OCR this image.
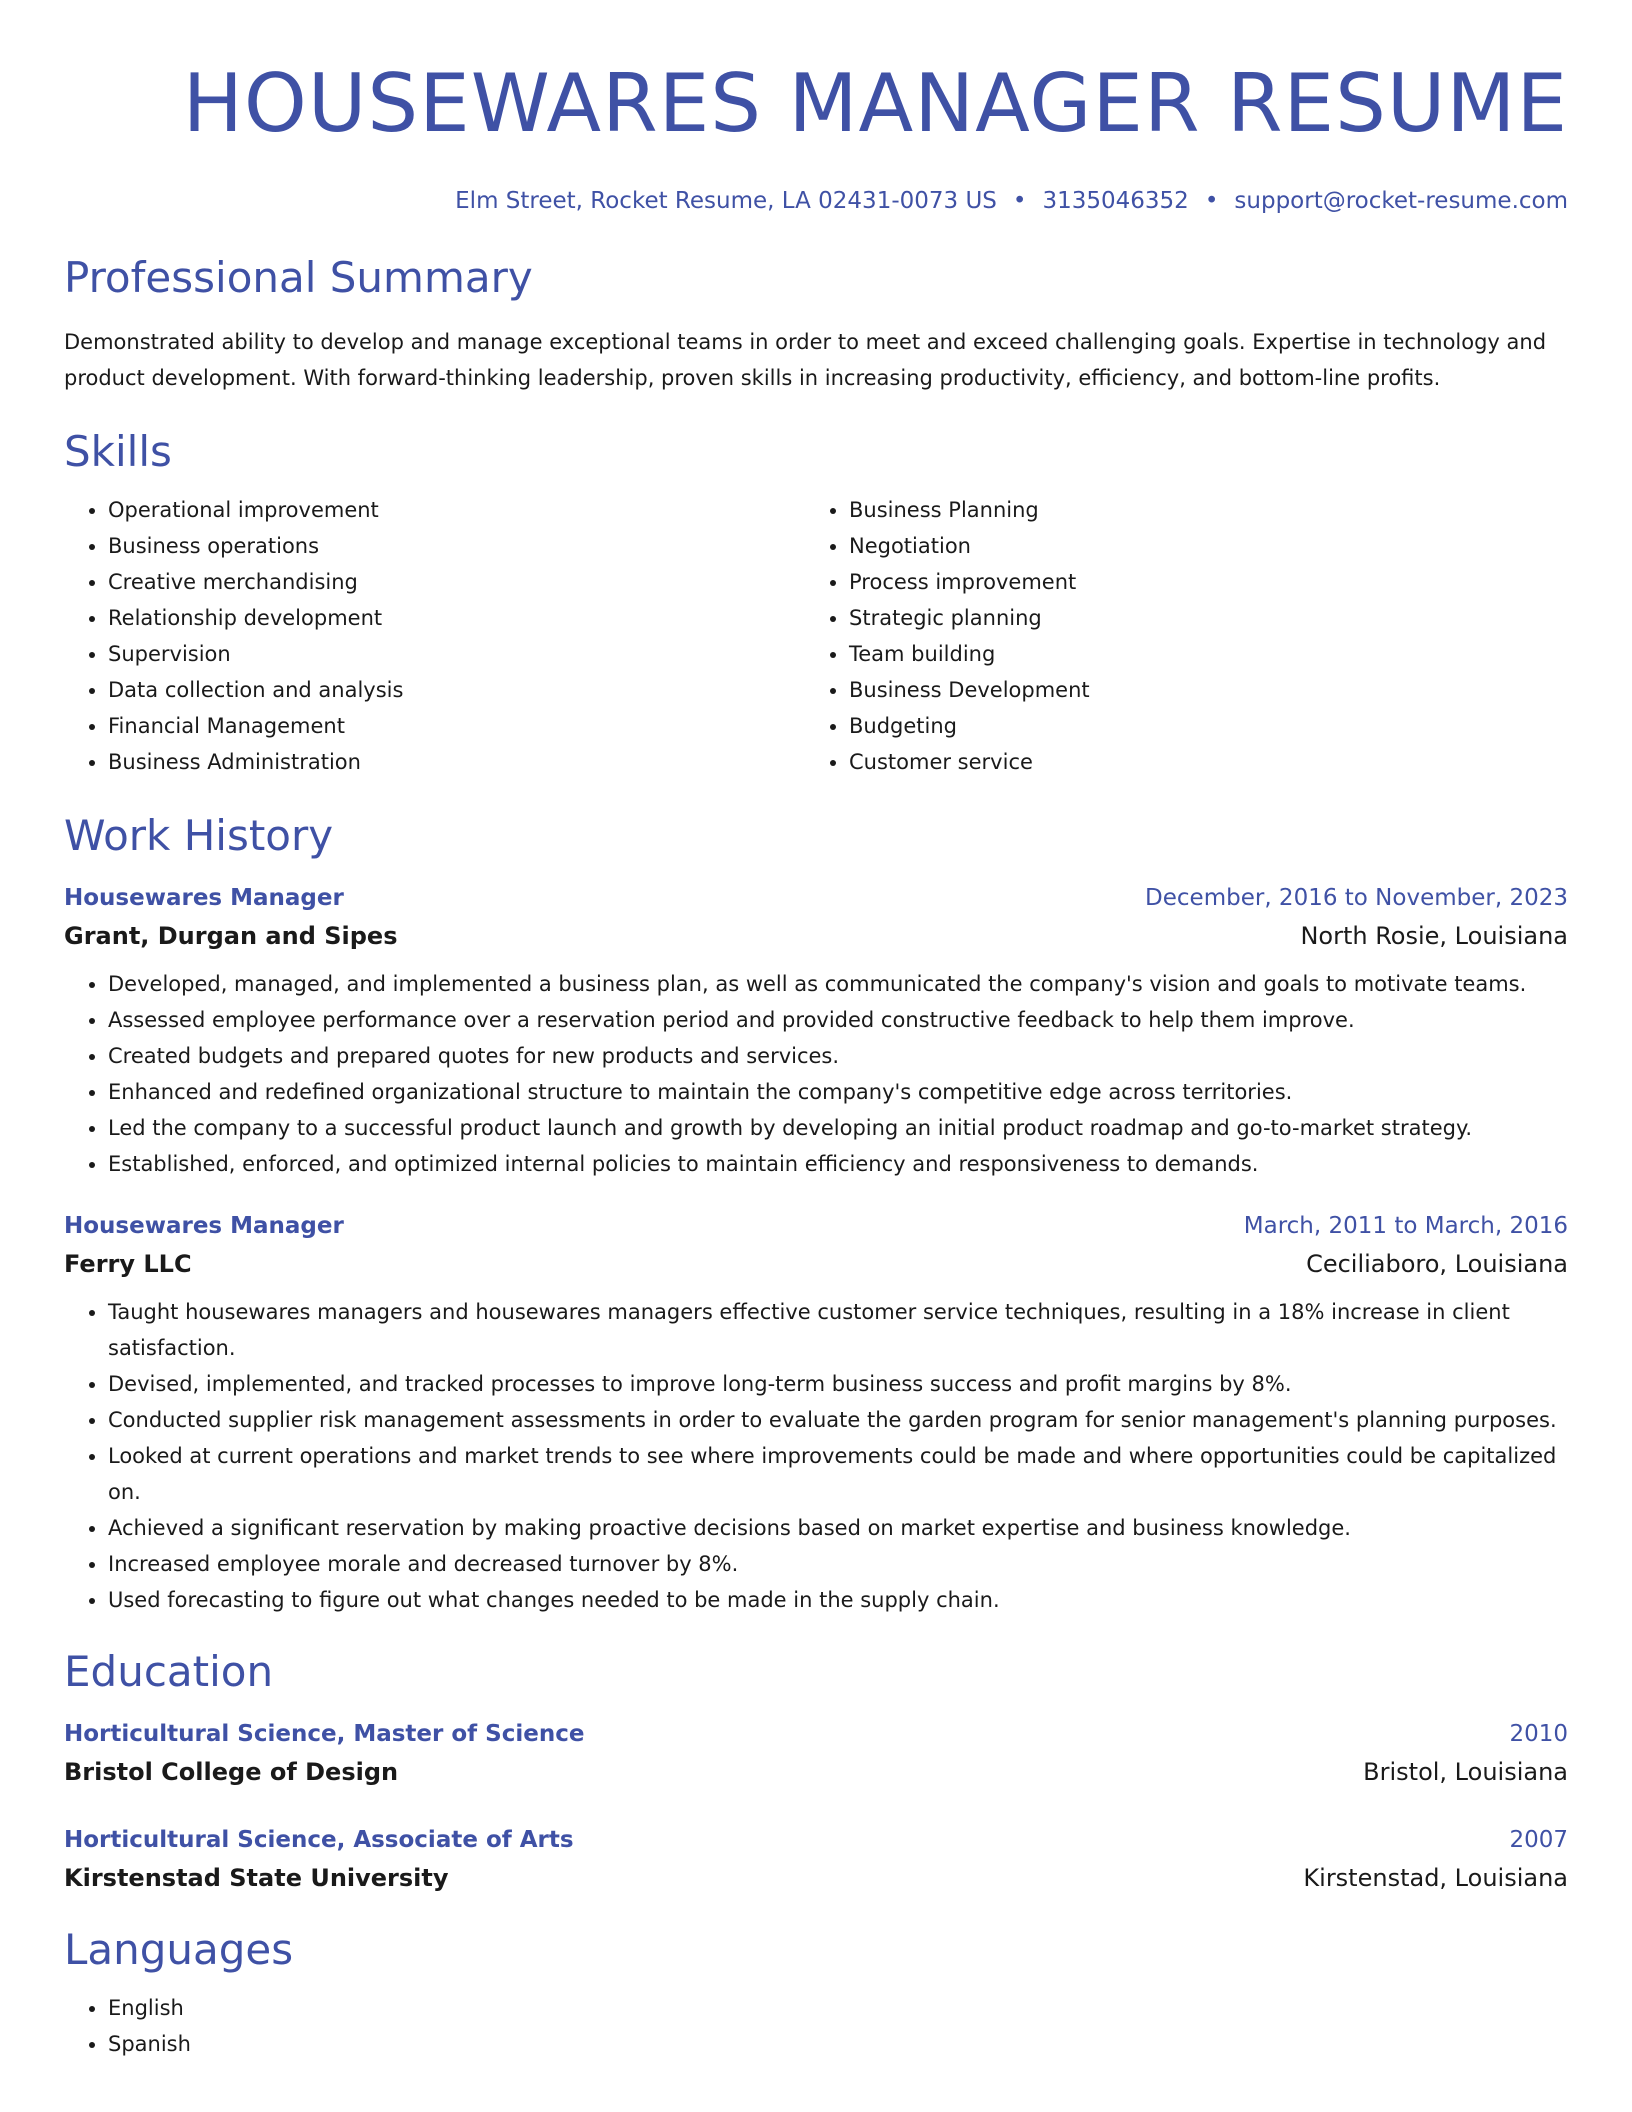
HOUSEWARES MANAGER RESUME
Elm Street, Rocket Resume, LA 02431-0073 US • 3135046352 • support@rocket-resume.com
Professional Summary
Demonstrated ability to develop and manage exceptional teams in order to meet and exceed challenging goals. Expertise in technology and product development. With forward-thinking leadership, proven skills in increasing productivity, efficiency, and bottom-line profits.
Skills
• Operational improvement
• Business operations
• Creative merchandising
• Relationship development
• Supervision
• Data collection and analysis
• Financial Management
• Business Administration
• Business Planning
• Negotiation
• Process improvement
• Strategic planning
• Team building
• Business Development
• Budgeting
• Customer service
Work History
Housewares Manager	December, 2016 to November, 2023
Grant, Durgan and Sipes	North Rosie, Louisiana
• Developed, managed, and implemented a business plan, as well as communicated the company's vision and goals to motivate teams.
• Assessed employee performance over a reservation period and provided constructive feedback to help them improve.
• Created budgets and prepared quotes for new products and services.
• Enhanced and redefined organizational structure to maintain the company's competitive edge across territories.
• Led the company to a successful product launch and growth by developing an initial product roadmap and go-to-market strategy.
• Established, enforced, and optimized internal policies to maintain efficiency and responsiveness to demands.
Housewares Manager	March, 2011 to March, 2016
Ferry LLC	Ceciliaboro, Louisiana
• Taught housewares managers and housewares managers effective customer service techniques, resulting in a 18% increase in client satisfaction.
• Devised, implemented, and tracked processes to improve long-term business success and profit margins by 8%.
• Conducted supplier risk management assessments in order to evaluate the garden program for senior management's planning purposes.
• Looked at current operations and market trends to see where improvements could be made and where opportunities could be capitalized on.
• Achieved a significant reservation by making proactive decisions based on market expertise and business knowledge.
• Increased employee morale and decreased turnover by 8%.
• Used forecasting to figure out what changes needed to be made in the supply chain.
Education
Horticultural Science, Master of Science	2010
Bristol College of Design	Bristol, Louisiana
Horticultural Science, Associate of Arts	2007
Kirstenstad State University	Kirstenstad, Louisiana
Languages
• English
• Spanish
